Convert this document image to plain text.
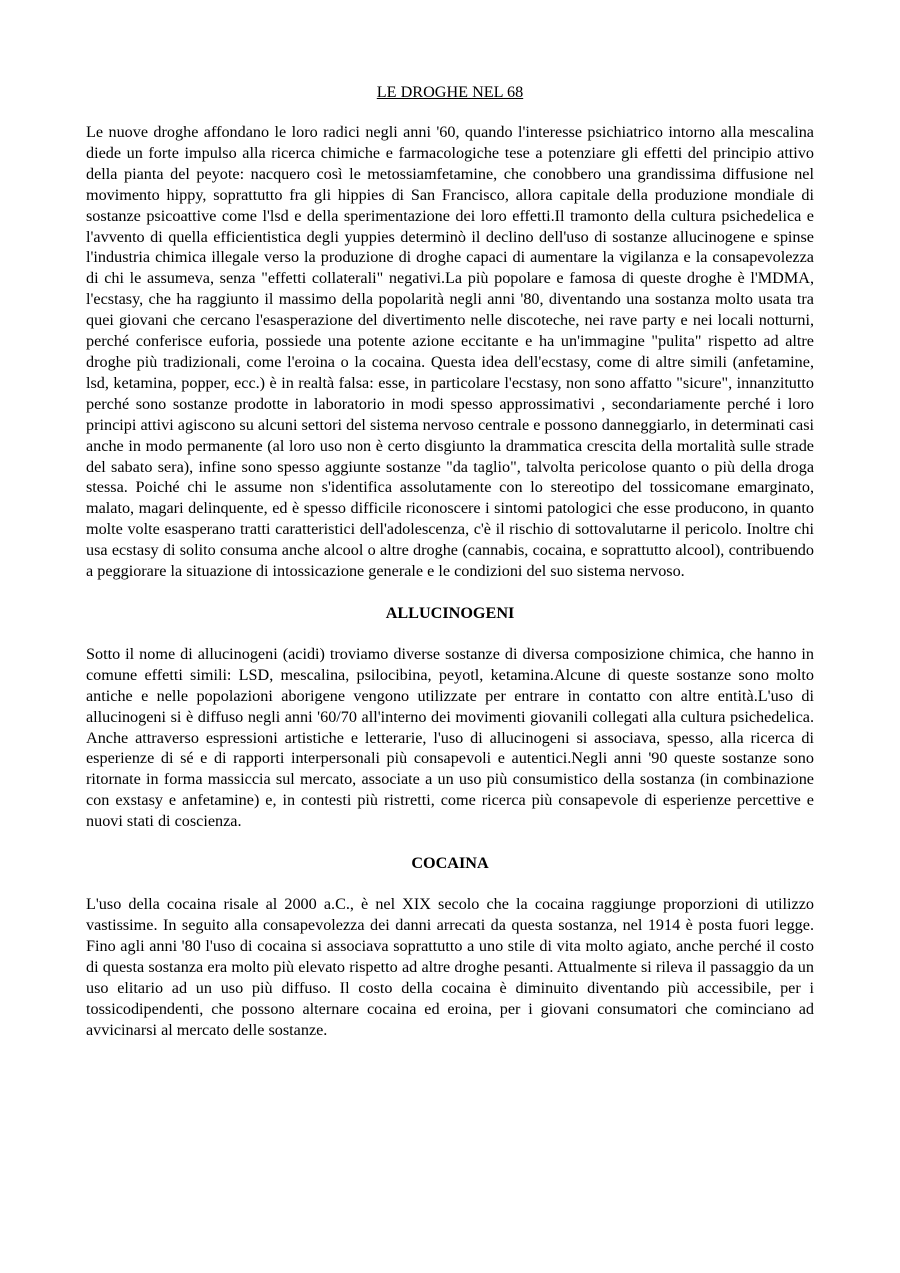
LE DROGHE NEL 68

Le nuove droghe affondano le loro radici negli anni '60, quando l'interesse psichiatrico intorno alla mescalina diede un forte impulso alla ricerca chimiche e farmacologiche tese a potenziare gli effetti del principio attivo della pianta del peyote: nacquero così le metossiamfetamine, che conobbero una grandissima diffusione nel movimento hippy, soprattutto fra gli hippies di San Francisco, allora capitale della produzione mondiale di sostanze psicoattive come l'lsd e della sperimentazione dei loro effetti.Il tramonto della cultura psichedelica e l'avvento di quella efficientistica degli yuppies determinò il declino dell'uso di sostanze allucinogene e spinse l'industria chimica illegale verso la produzione di droghe capaci di aumentare la vigilanza e la consapevolezza di chi le assumeva, senza "effetti collaterali" negativi.La più popolare e famosa di queste droghe è l'MDMA, l'ecstasy, che ha raggiunto il massimo della popolarità negli anni '80, diventando una sostanza molto usata tra quei giovani che cercano l'esasperazione del divertimento nelle discoteche, nei rave party e nei locali notturni, perché conferisce euforia, possiede una potente azione eccitante e ha un'immagine "pulita" rispetto ad altre droghe più tradizionali, come l'eroina o la cocaina. Questa idea dell'ecstasy, come di altre simili (anfetamine, lsd, ketamina, popper, ecc.) è in realtà falsa: esse, in particolare l'ecstasy, non sono affatto "sicure", innanzitutto perché sono sostanze prodotte in laboratorio in modi spesso approssimativi , secondariamente perché i loro principi attivi agiscono su alcuni settori del sistema nervoso centrale e possono danneggiarlo, in determinati casi anche in modo permanente (al loro uso non è certo disgiunto la drammatica crescita della mortalità sulle strade del sabato sera), infine sono spesso aggiunte sostanze "da taglio", talvolta pericolose quanto o più della droga stessa. Poiché chi le assume non s'identifica assolutamente con lo stereotipo del tossicomane emarginato, malato, magari delinquente, ed è spesso difficile riconoscere i sintomi patologici che esse producono, in quanto molte volte esasperano tratti caratteristici dell'adolescenza, c'è il rischio di sottovalutarne il pericolo. Inoltre chi usa ecstasy di solito consuma anche alcool o altre droghe (cannabis, cocaina, e soprattutto alcool), contribuendo a peggiorare la situazione di intossicazione generale e le condizioni del suo sistema nervoso.

ALLUCINOGENI

Sotto il nome di allucinogeni (acidi) troviamo diverse sostanze di diversa composizione chimica, che hanno in comune effetti simili: LSD, mescalina, psilocibina, peyotl, ketamina.Alcune di queste sostanze sono molto antiche e nelle popolazioni aborigene vengono utilizzate per entrare in contatto con altre entità.L'uso di allucinogeni si è diffuso negli anni '60/70 all'interno dei movimenti giovanili collegati alla cultura psichedelica. Anche attraverso espressioni artistiche e letterarie, l'uso di allucinogeni si associava, spesso, alla ricerca di esperienze di sé e di rapporti interpersonali più consapevoli e autentici.Negli anni '90 queste sostanze sono ritornate in forma massiccia sul mercato, associate a un uso più consumistico della sostanza (in combinazione con exstasy e anfetamine) e, in contesti più ristretti, come ricerca più consapevole di esperienze percettive e nuovi stati di coscienza.

COCAINA

L'uso della cocaina risale al 2000 a.C., è nel XIX secolo che la cocaina raggiunge proporzioni di utilizzo vastissime. In seguito alla consapevolezza dei danni arrecati da questa sostanza, nel 1914 è posta fuori legge. Fino agli anni '80 l'uso di cocaina si associava soprattutto a uno stile di vita molto agiato, anche perché il costo di questa sostanza era molto più elevato rispetto ad altre droghe pesanti. Attualmente si rileva il passaggio da un uso elitario ad un uso più diffuso. Il costo della cocaina è diminuito diventando più accessibile, per i tossicodipendenti, che possono alternare cocaina ed eroina, per i giovani consumatori che cominciano ad avvicinarsi al mercato delle sostanze.
